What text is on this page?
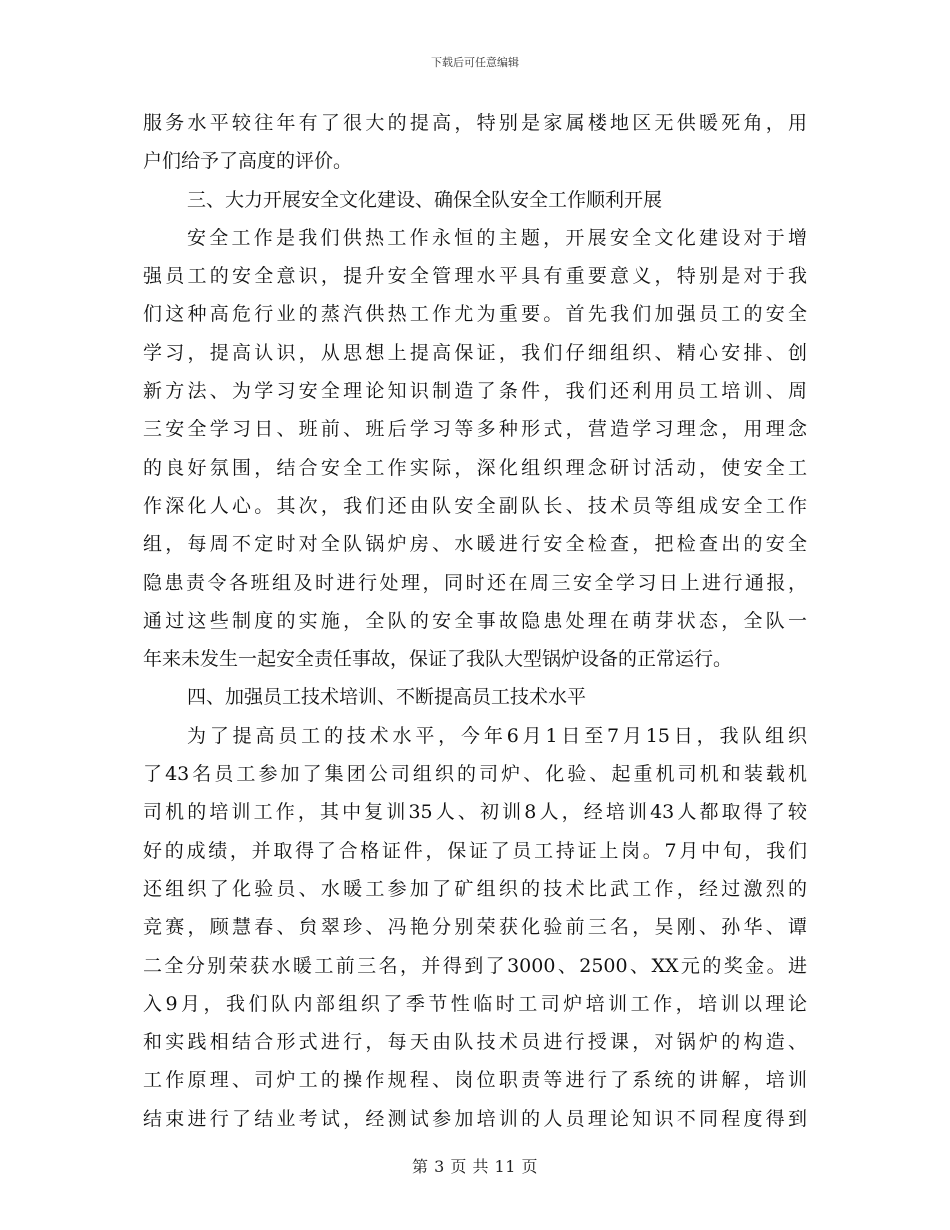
下载后可任意编辑
服务水平较往年有了很大的提高，特别是家属楼地区无供暖死角，用
户们给予了高度的评价。
三、大力开展安全文化建设、确保全队安全工作顺利开展
安全工作是我们供热工作永恒的主题，开展安全文化建设对于增
强员工的安全意识，提升安全管理水平具有重要意义，特别是对于我
们这种高危行业的蒸汽供热工作尤为重要。首先我们加强员工的安全
学习，提高认识，从思想上提高保证，我们仔细组织、精心安排、创
新方法、为学习安全理论知识制造了条件，我们还利用员工培训、周
三安全学习日、班前、班后学习等多种形式，营造学习理念，用理念
的良好氛围，结合安全工作实际，深化组织理念研讨活动，使安全工
作深化人心。其次，我们还由队安全副队长、技术员等组成安全工作
组，每周不定时对全队锅炉房、水暖进行安全检查，把检查出的安全
隐患责令各班组及时进行处理，同时还在周三安全学习日上进行通报，
通过这些制度的实施，全队的安全事故隐患处理在萌芽状态，全队一
年来未发生一起安全责任事故，保证了我队大型锅炉设备的正常运行。
四、加强员工技术培训、不断提高员工技术水平
为了提高员工的技术水平，今年6月1日至7月15日，我队组织
了43名员工参加了集团公司组织的司炉、化验、起重机司机和装载机
司机的培训工作，其中复训35人、初训8人，经培训43人都取得了较
好的成绩，并取得了合格证件，保证了员工持证上岗。7月中旬，我们
还组织了化验员、水暖工参加了矿组织的技术比武工作，经过激烈的
竞赛，顾慧春、贠翠珍、冯艳分别荣获化验前三名，吴刚、孙华、谭
二全分别荣获水暖工前三名，并得到了3000、2500、XX元的奖金。进
入9月，我们队内部组织了季节性临时工司炉培训工作，培训以理论
和实践相结合形式进行，每天由队技术员进行授课，对锅炉的构造、
工作原理、司炉工的操作规程、岗位职责等进行了系统的讲解，培训
结束进行了结业考试，经测试参加培训的人员理论知识不同程度得到
第 3 页 共 11 页
